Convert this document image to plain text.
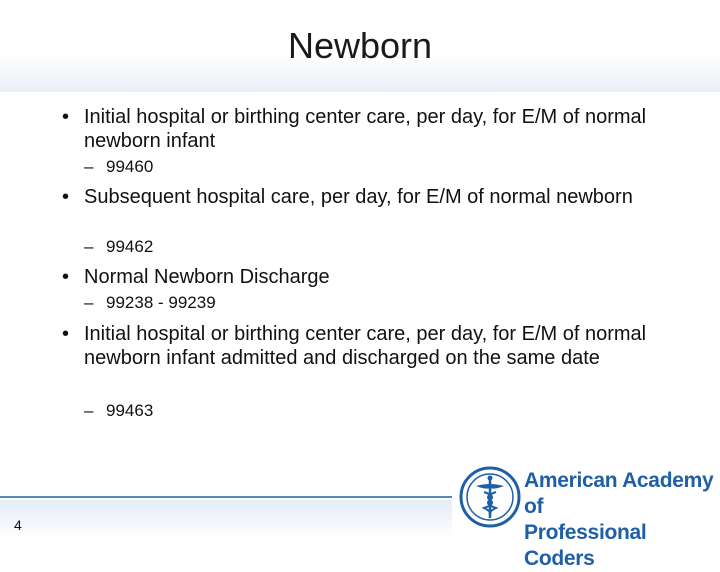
Newborn
• Initial hospital or birthing center care, per day, for E/M of normal newborn infant
– 99460
• Subsequent hospital care, per day, for E/M of normal newborn
– 99462
• Normal Newborn Discharge
– 99238 - 99239
• Initial hospital or birthing center care, per day, for E/M of normal newborn infant admitted and discharged on the same date
– 99463
4
American Academy of
Professional Coders
